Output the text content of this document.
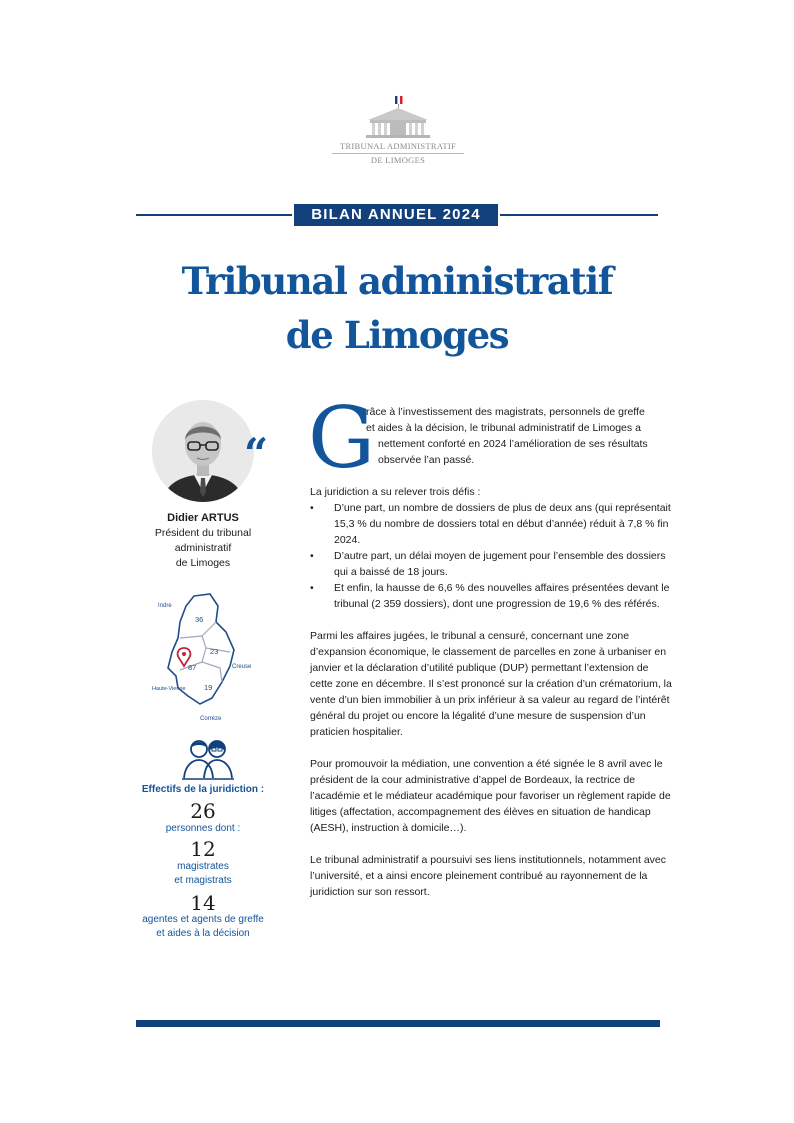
TRIBUNAL ADMINISTRATIF
DE LIMOGES
BILAN ANNUEL 2024
Tribunal administratif
de Limoges
“
Didier ARTUS
Président du tribunal
administratif
de Limoges
Indre
36
23
Creuse
87
19
Haute-Vienne
Corrèze
Effectifs de la juridiction :
26
personnes dont :
12
magistrates
et magistrats
14
agentes et agents de greffe
et aides à la décision
G
râce à l’investissement des magistrats, personnels de greffe
et aides à la décision, le tribunal administratif de Limoges a
nettement conforté en 2024 l’amélioration de ses résultats
observée l’an passé.
La juridiction a su relever trois défis :
• D’une part, un nombre de dossiers de plus de deux ans (qui représentait 15,3 % du nombre de dossiers total en début d’année) réduit à 7,8 % fin 2024.
• D’autre part, un délai moyen de jugement pour l’ensemble des dossiers qui a baissé de 18 jours.
• Et enfin, la hausse de 6,6 % des nouvelles affaires présentées devant le tribunal (2 359 dossiers), dont une progression de 19,6 % des référés.
Parmi les affaires jugées, le tribunal a censuré, concernant une zone d’expansion économique, le classement de parcelles en zone à urbaniser en janvier et la déclaration d’utilité publique (DUP) permettant l’extension de cette zone en décembre. Il s’est prononcé sur la création d’un crématorium, la vente d’un bien immobilier à un prix inférieur à sa valeur au regard de l’intérêt général du projet ou encore la légalité d’une mesure de suspension d’un praticien hospitalier.
Pour promouvoir la médiation, une convention a été signée le 8 avril avec le président de la cour administrative d’appel de Bordeaux, la rectrice de l’académie et le médiateur académique pour favoriser un règlement rapide de litiges (affectation, accompagnement des élèves en situation de handicap (AESH), instruction à domicile…).
Le tribunal administratif a poursuivi ses liens institutionnels, notamment avec l’université, et a ainsi encore pleinement contribué au rayonnement de la juridiction sur son ressort.
